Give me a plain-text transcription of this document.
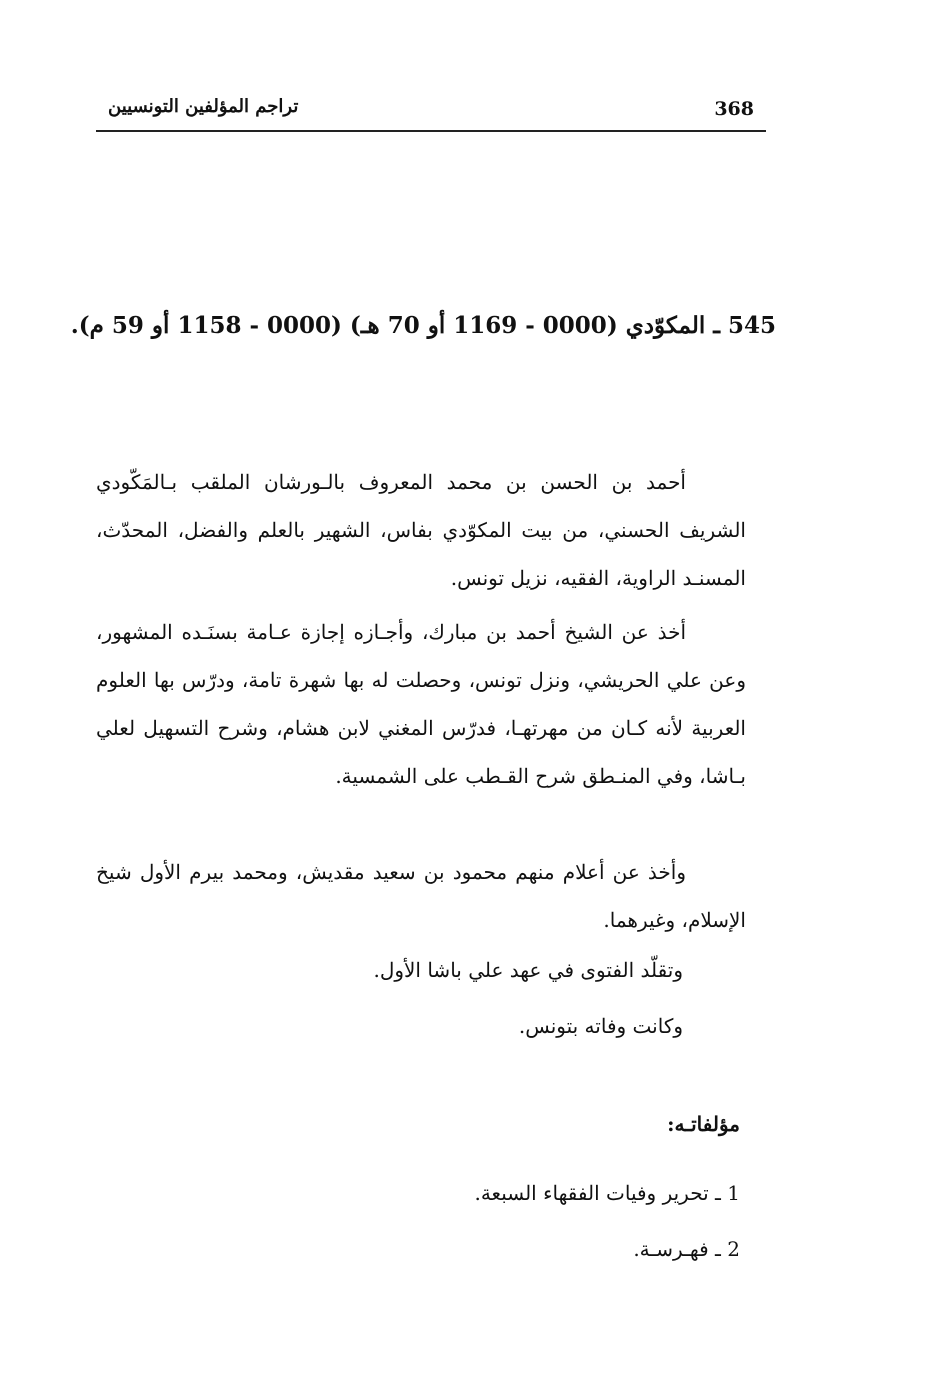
368
تراجم المؤلفين التونسيين
545 ـ المكوّدي (0000 - 1169 أو 70 هـ) (0000 - 1158 أو 59 م).

أحمد بن الحسن بن محمد المعروف بالـورشان الملقب بـالمَكّودي الشريف الحسني، من بيت المكوّدي بفاس، الشهير بالعلم والفضل، المحدّث، المسنـد الراوية، الفقيه، نزيل تونس.

أخذ عن الشيخ أحمد بن مبارك، وأجـازه إجازة عـامة بسنَـده المشهور، وعن علي الحريشي، ونزل تونس، وحصلت له بها شهرة تامة، ودرّس بها العلوم العربية لأنه كـان من مهرتهـا، فدرّس المغني لابن هشام، وشرح التسهيل لعلي بـاشا، وفي المنـطق شرح القـطب على الشمسية.

وأخذ عن أعلام منهم محمود بن سعيد مقديش، ومحمد بيرم الأول شيخ الإسلام، وغيرهما.

وتقلّد الفتوى في عهد علي باشا الأول.
وكانت وفاته بتونس.
مؤلفاتـه:
1 ـ تحرير وفيات الفقهاء السبعة.
2 ـ فهـرسـة.
